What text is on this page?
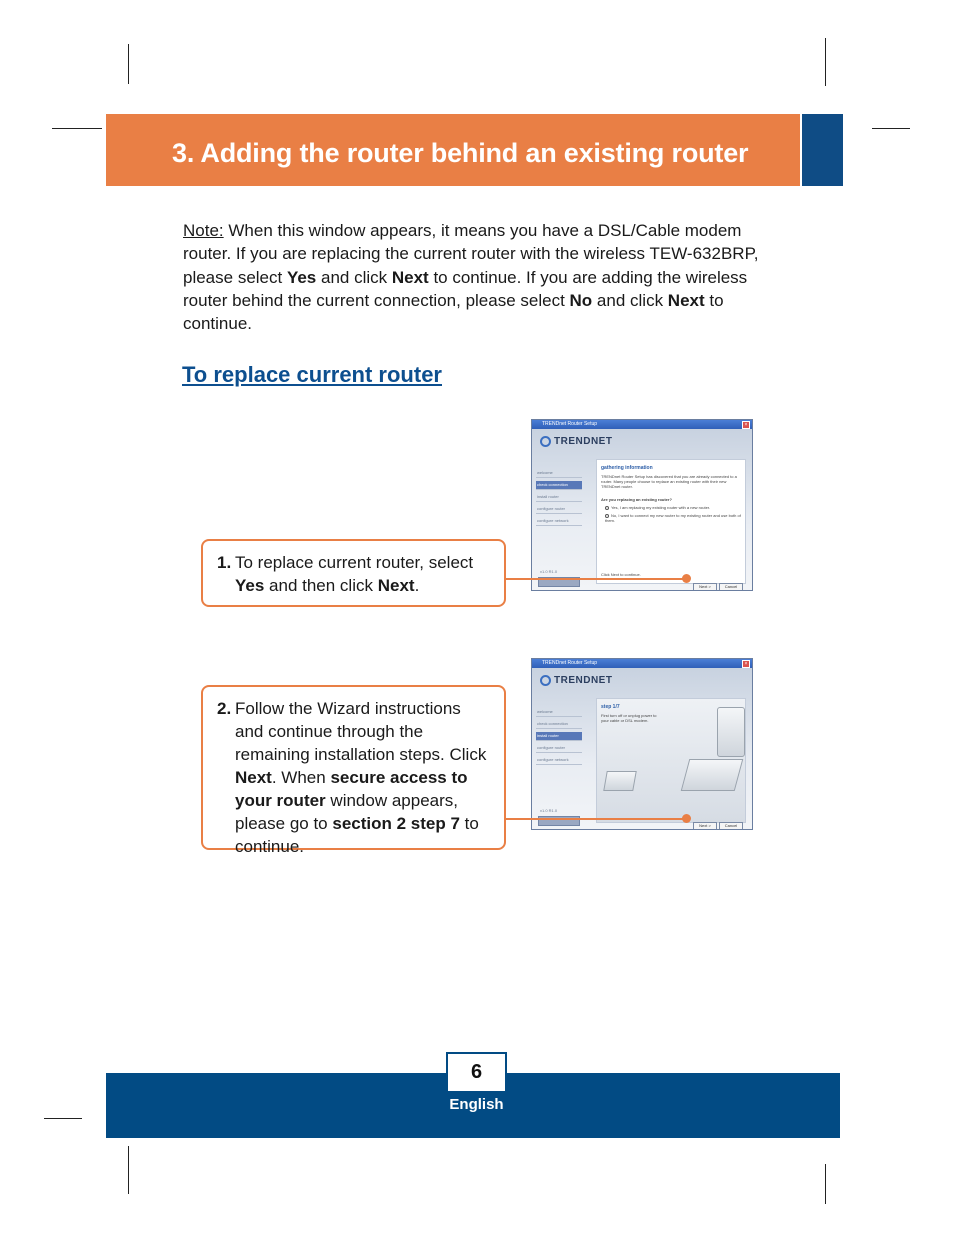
3. Adding the router behind an existing router
Note: When this window appears, it means you have a DSL/Cable modem router. If you are replacing the current router with the wireless TEW-632BRP, please select Yes and click Next to continue. If you are adding the wireless router behind the current connection, please select No and click Next to continue.
To replace current router
TRENDnet Router Setup	×
TRENDNET
welcome
check connection
install router
configure router
configure network
v1.0 R1.0
gathering information
TRENDnet Router Setup has discovered that you are already connected to a router. Many people choose to replace an existing router with their new TRENDnet router.
Are you replacing an existing router?
Yes, I am replacing my existing router with a new router.
No, I want to connect my new router to my existing router and use both of them.
Click Next to continue.
Next >	Cancel
1. To replace current router, select Yes and then click Next.
TRENDnet Router Setup	×
TRENDNET
welcome
check connection
install router
configure router
configure network
v1.0 R1.0
step 1/7
First turn off or unplug power to your cable or DSL modem.
Next >	Cancel
2. Follow the Wizard instructions and continue through the remaining installation steps. Click Next. When secure access to your router window appears, please go to section 2 step 7 to continue.
6
English
